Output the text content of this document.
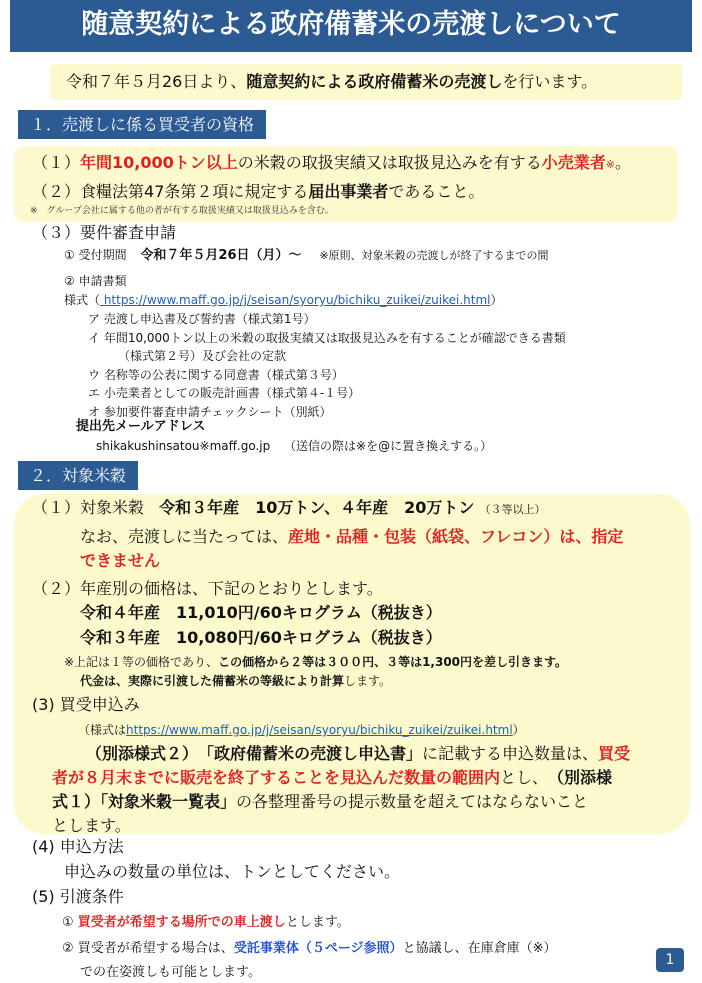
随意契約による政府備蓄米の売渡しについて
令和７年５月26日より、随意契約による政府備蓄米の売渡しを行います。
１．売渡しに係る買受者の資格
（１）年間10,000トン以上の米穀の取扱実績又は取扱見込みを有する小売業者※。
（２）食糧法第47条第２項に規定する届出事業者であること。
※　グループ会社に属する他の者が有する取扱実績又は取扱見込みを含む。
（３）要件審査申請
① 受付期間 令和７年５月26日（月）～ ※原則、対象米穀の売渡しが終了するまでの間
② 申請書類
様式（ https://www.maff.go.jp/j/seisan/syoryu/bichiku_zuikei/zuikei.html）
ア 売渡し申込書及び誓約書（様式第1号）
イ 年間10,000トン以上の米穀の取扱実績又は取扱見込みを有することが確認できる書類
（様式第２号）及び会社の定款
ウ 名称等の公表に関する同意書（様式第３号）
エ 小売業者としての販売計画書（様式第４-１号）
オ 参加要件審査申請チェックシート（別紙）
提出先メールアドレス
shikakushinsatou※maff.go.jp （送信の際は※を@に置き換えする。）
２．対象米穀
（１）対象米穀 令和３年産　10万トン、４年産　20万トン （３等以上）
なお、売渡しに当たっては、産地・品種・包装（紙袋、フレコン）は、指定
できません
（２）年産別の価格は、下記のとおりとします。
令和４年産　11,010円/60キログラム（税抜き）
令和３年産　10,080円/60キログラム（税抜き）
※上記は１等の価格であり、この価格から２等は３００円、３等は1,300円を差し引きます。
代金は、実際に引渡した備蓄米の等級により計算します。
(3) 買受申込み
（様式はhttps://www.maff.go.jp/j/seisan/syoryu/bichiku_zuikei/zuikei.html）
（別添様式２）　「政府備蓄米の売渡し申込書」に記載する申込数量は、買受
者が８月末までに販売を終了することを見込んだ数量の範囲内とし、　 （別添様
式１）「対象米穀一覧表」の各整理番号の提示数量を超えてはならないこと
とします。
(4) 申込方法
申込みの数量の単位は、トンとしてください。
(5) 引渡条件
① 買受者が希望する場所での車上渡しとします。
② 買受者が希望する場合は、受託事業体（５ページ参照）と協議し、在庫倉庫（※）
での在姿渡しも可能とします。
1
